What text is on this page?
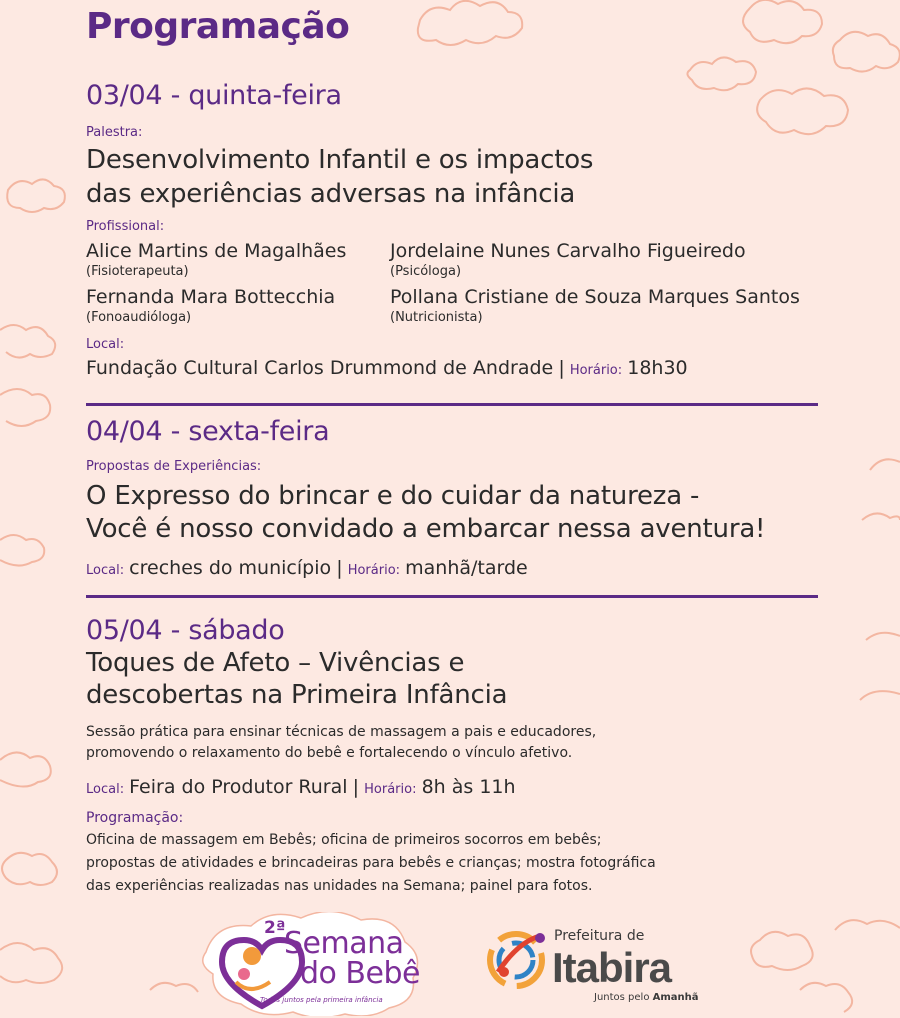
Programação
03/04 - quinta-feira
Palestra:
Desenvolvimento Infantil e os impactos
das experiências adversas na infância
Profissional:
Alice Martins de Magalhães
(Fisioterapeuta)
Jordelaine Nunes Carvalho Figueiredo
(Psicóloga)
Fernanda Mara Bottecchia
(Fonoaudióloga)
Pollana Cristiane de Souza Marques Santos
(Nutricionista)
Local:
Fundação Cultural Carlos Drummond de Andrade | Horário: 18h30
04/04 - sexta-feira
Propostas de Experiências:
O Expresso do brincar e do cuidar da natureza -
Você é nosso convidado a embarcar nessa aventura!
Local: creches do município | Horário: manhã/tarde
05/04 - sábado
Toques de Afeto – Vivências e
descobertas na Primeira Infância
Sessão prática para ensinar técnicas de massagem a pais e educadores,
promovendo o relaxamento do bebê e fortalecendo o vínculo afetivo.
Local: Feira do Produtor Rural | Horário: 8h às 11h
Programação:
Oficina de massagem em Bebês; oficina de primeiros socorros em bebês;
propostas de atividades e brincadeiras para bebês e crianças; mostra fotográfica
das experiências realizadas nas unidades na Semana; painel para fotos.
2ª
Semana
do Bebê
Todos juntos pela primeira infância
Prefeitura de
Itabira
Juntos pelo Amanhã
